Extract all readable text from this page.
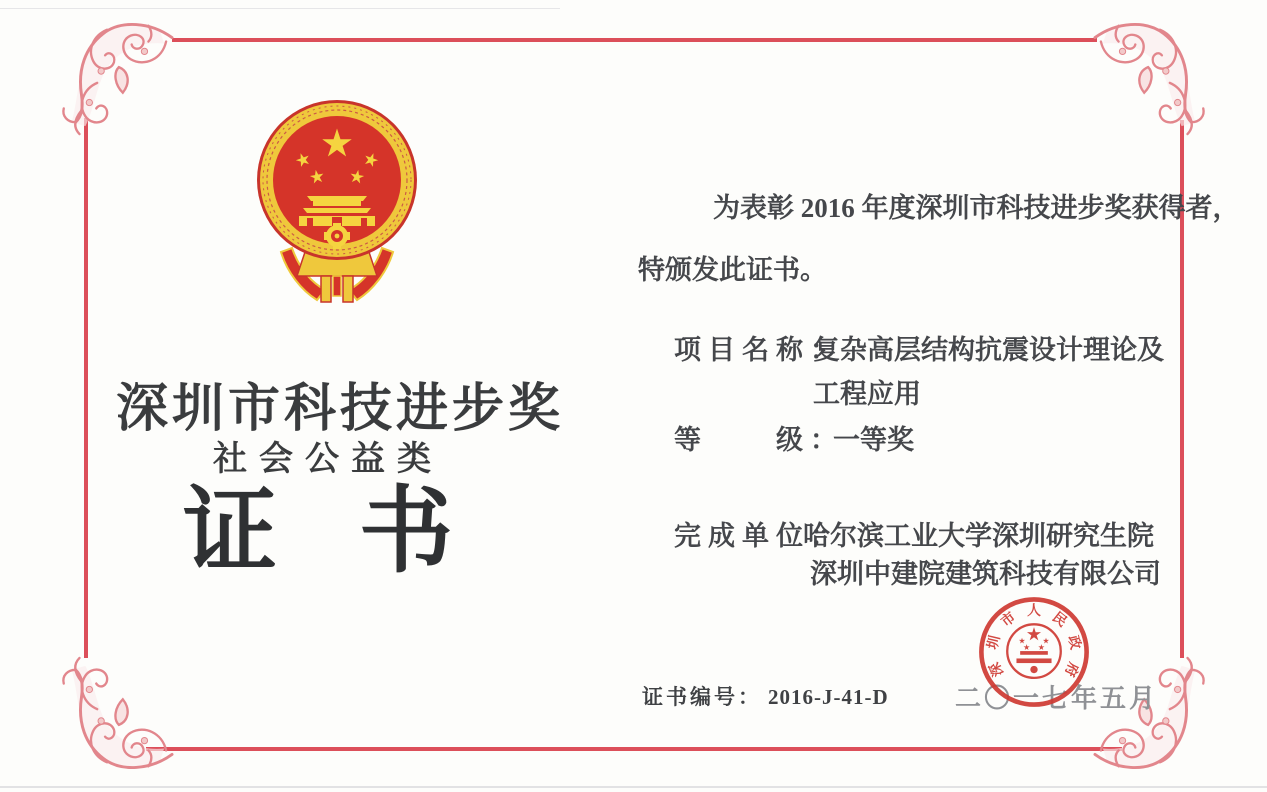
深圳市科技进步奖
社会公益类
证 书
为表彰 2016 年度深圳市科技进步奖获得者，
特颁发此证书。
项目名称：
复杂高层结构抗震设计理论及
工程应用
等　　级：
一等奖
完成单位：
哈尔滨工业大学深圳研究生院
深圳中建院建筑科技有限公司
证书编号： 2016-J-41-D	二〇一七年五月
深
圳
市 人 民
政
府
